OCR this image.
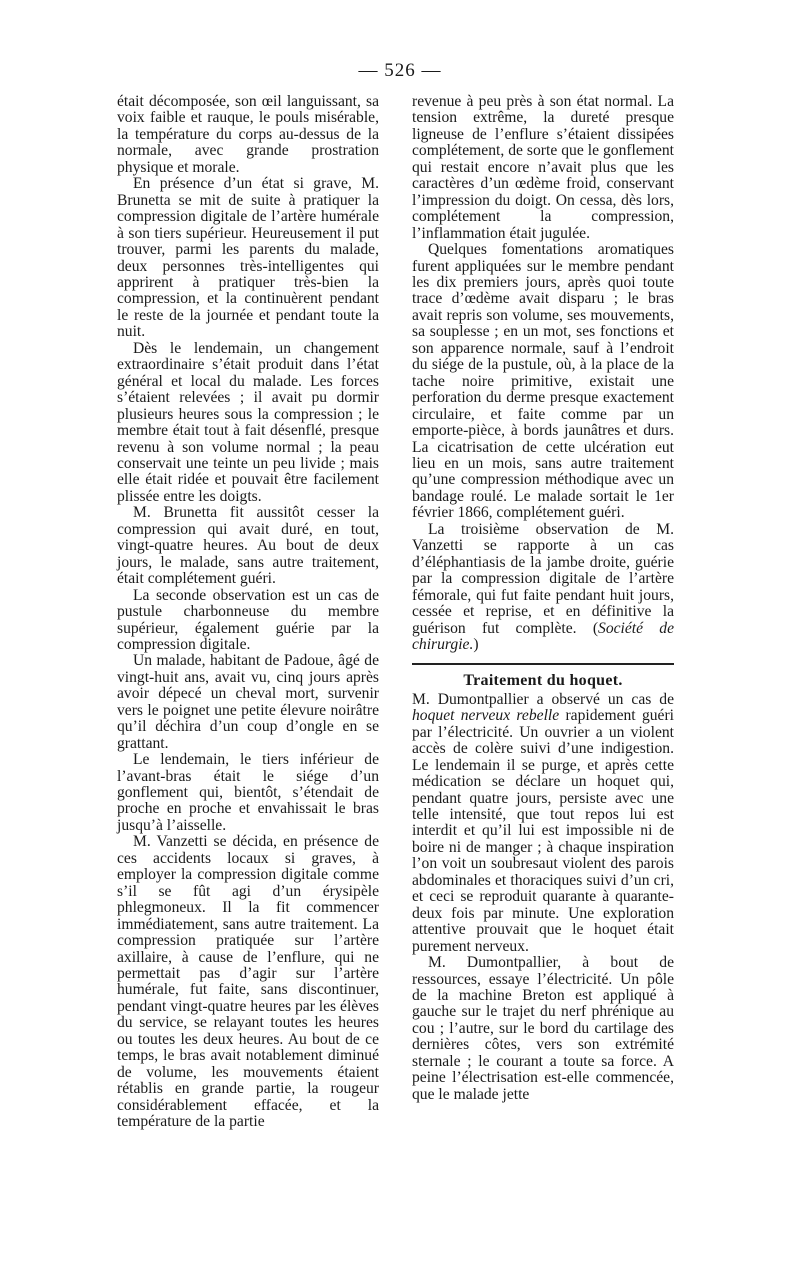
— 526 —

était décomposée, son œil languissant, sa voix faible et rauque, le pouls misérable, la température du corps au-dessus de la normale, avec grande prostration physique et morale.

En présence d’un état si grave, M. Brunetta se mit de suite à pratiquer la compression digitale de l’artère humérale à son tiers supérieur. Heureusement il put trouver, parmi les parents du malade, deux personnes très-intelligentes qui apprirent à pratiquer très-bien la compression, et la continuèrent pendant le reste de la journée et pendant toute la nuit.

Dès le lendemain, un changement extraordinaire s’était produit dans l’état général et local du malade. Les forces s’étaient relevées ; il avait pu dormir plusieurs heures sous la compression ; le membre était tout à fait désenflé, presque revenu à son volume normal ; la peau conservait une teinte un peu livide ; mais elle était ridée et pouvait être facilement plissée entre les doigts.

M. Brunetta fit aussitôt cesser la compression qui avait duré, en tout, vingt-quatre heures. Au bout de deux jours, le malade, sans autre traitement, était complétement guéri.

La seconde observation est un cas de pustule charbonneuse du membre supérieur, également guérie par la compression digitale.

Un malade, habitant de Padoue, âgé de vingt-huit ans, avait vu, cinq jours après avoir dépecé un cheval mort, survenir vers le poignet une petite élevure noirâtre qu’il déchira d’un coup d’ongle en se grattant.

Le lendemain, le tiers inférieur de l’avant-bras était le siége d’un gonflement qui, bientôt, s’étendait de proche en proche et envahissait le bras jusqu’à l’aisselle.

M. Vanzetti se décida, en présence de ces accidents locaux si graves, à employer la compression digitale comme s’il se fût agi d’un érysipèle phlegmoneux. Il la fit commencer immédiatement, sans autre traitement. La compression pratiquée sur l’artère axillaire, à cause de l’enflure, qui ne permettait pas d’agir sur l’artère humérale, fut faite, sans discontinuer, pendant vingt-quatre heures par les élèves du service, se relayant toutes les heures ou toutes les deux heures. Au bout de ce temps, le bras avait notablement diminué de volume, les mouvements étaient rétablis en grande partie, la rougeur considérablement effacée, et la température de la partie

revenue à peu près à son état normal. La tension extrême, la dureté presque ligneuse de l’enflure s’étaient dissipées complétement, de sorte que le gonflement qui restait encore n’avait plus que les caractères d’un œdème froid, conservant l’impression du doigt. On cessa, dès lors, complétement la compression, l’inflammation était jugulée.

Quelques fomentations aromatiques furent appliquées sur le membre pendant les dix premiers jours, après quoi toute trace d’œdème avait disparu ; le bras avait repris son volume, ses mouvements, sa souplesse ; en un mot, ses fonctions et son apparence normale, sauf à l’endroit du siége de la pustule, où, à la place de la tache noire primitive, existait une perforation du derme presque exactement circulaire, et faite comme par un emporte-pièce, à bords jaunâtres et durs. La cicatrisation de cette ulcération eut lieu en un mois, sans autre traitement qu’une compression méthodique avec un bandage roulé. Le malade sortait le 1er février 1866, complétement guéri.

La troisième observation de M. Vanzetti se rapporte à un cas d’éléphantiasis de la jambe droite, guérie par la compression digitale de l’artère fémorale, qui fut faite pendant huit jours, cessée et reprise, et en définitive la guérison fut complète. (Société de chirurgie.)

Traitement du hoquet.

M. Dumontpallier a observé un cas de hoquet nerveux rebelle rapidement guéri par l’électricité. Un ouvrier a un violent accès de colère suivi d’une indigestion. Le lendemain il se purge, et après cette médication se déclare un hoquet qui, pendant quatre jours, persiste avec une telle intensité, que tout repos lui est interdit et qu’il lui est impossible ni de boire ni de manger ; à chaque inspiration l’on voit un soubresaut violent des parois abdominales et thoraciques suivi d’un cri, et ceci se reproduit quarante à quarante-deux fois par minute. Une exploration attentive prouvait que le hoquet était purement nerveux.

M. Dumontpallier, à bout de ressources, essaye l’électricité. Un pôle de la machine Breton est appliqué à gauche sur le trajet du nerf phrénique au cou ; l’autre, sur le bord du cartilage des dernières côtes, vers son extrémité sternale ; le courant a toute sa force. A peine l’électrisation est-elle commencée, que le malade jette
